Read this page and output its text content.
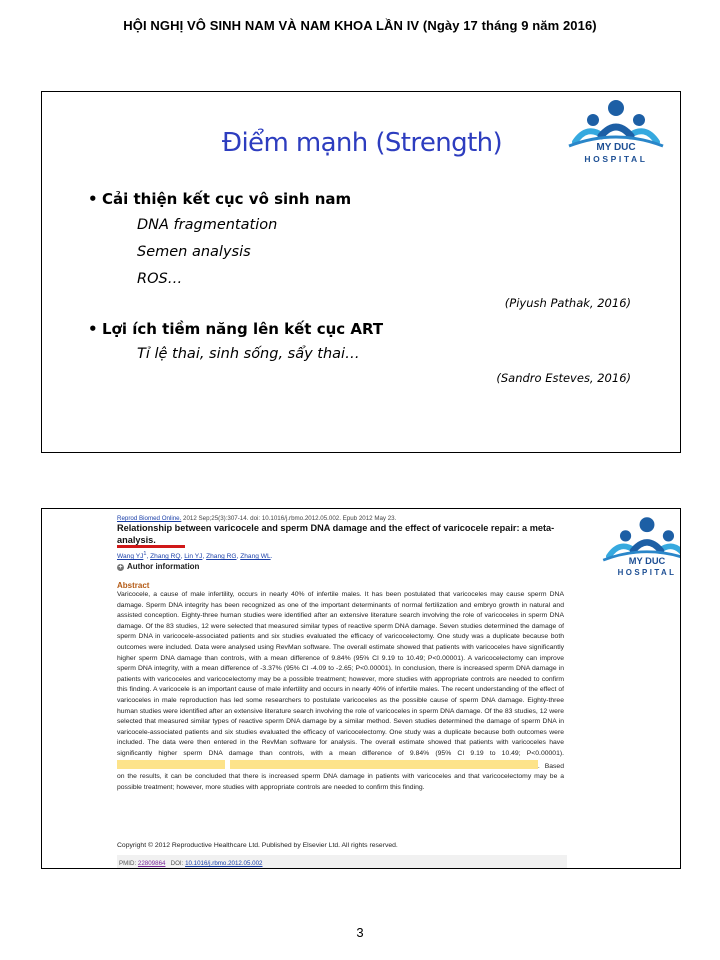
HỘI NGHỊ VÔ SINH NAM VÀ NAM KHOA LẦN IV (Ngày 17 tháng 9 năm 2016)
MY DUC
HOSPITAL
Điểm mạnh (Strength)
• Cải thiện kết cục vô sinh nam
DNA fragmentation
Semen analysis
ROS…
(Piyush Pathak, 2016)
• Lợi ích tiềm năng lên kết cục ART
Tỉ lệ thai, sinh sống, sẩy thai…
(Sandro Esteves, 2016)
MY DUC
HOSPITAL
Reprod Biomed Online. 2012 Sep;25(3):307-14. doi: 10.1016/j.rbmo.2012.05.002. Epub 2012 May 23.
Relationship between varicocele and sperm DNA damage and the effect of varicocele repair: a meta-analysis.
Wang $YJ^1$, Zhang RQ, Lin YJ, Zhang RG, Zhang WL.
+ Author information
Abstract
Varicocele, a cause of male infertility, occurs in nearly 40% of infertile males. It has been postulated that varicoceles may cause sperm DNA damage. Sperm DNA integrity has been recognized as one of the important determinants of normal fertilization and embryo growth in natural and assisted conception. Eighty-three human studies were identified after an extensive literature search involving the role of varicoceles in sperm DNA damage. Of the 83 studies, 12 were selected that measured similar types of reactive sperm DNA damage. Seven studies determined the damage of sperm DNA in varicocele-associated patients and six studies evaluated the efficacy of varicocelectomy. One study was a duplicate because both outcomes were included. Data were analysed using RevMan software. The overall estimate showed that patients with varicoceles have significantly higher sperm DNA damage than controls, with a mean difference of 9.84% (95% CI 9.19 to 10.49; P<0.00001). A varicocelectomy can improve sperm DNA integrity, with a mean difference of -3.37% (95% CI -4.09 to -2.65; P<0.00001). In conclusion, there is increased sperm DNA damage in patients with varicoceles and varicocelectomy may be a possible treatment; however, more studies with appropriate controls are needed to confirm this finding. A varicocele is an important cause of male infertility and occurs in nearly 40% of infertile males. The recent understanding of the effect of varicoceles in male reproduction has led some researchers to postulate varicoceles as the possible cause of sperm DNA damage. Eighty-three human studies were identified after an extensive literature search involving the role of varicoceles in sperm DNA damage. Of the 83 studies, 12 were selected that measured similar types of reactive sperm DNA damage by a similar method. Seven studies determined the damage of sperm DNA in varicocele-associated patients and six studies evaluated the efficacy of varicocelectomy. One study was a duplicate because both outcomes were included. The data were then entered in the RevMan software for analysis. The overall estimate showed that patients with varicoceles have significantly higher sperm DNA damage than controls, with a mean difference of 9.84% (95% CI 9.19 to 10.49; P<0.00001).  . Based on the results, it can be concluded that there is increased sperm DNA damage in patients with varicoceles and that varicocelectomy may be a possible treatment; however, more studies with appropriate controls are needed to confirm this finding.
Copyright © 2012 Reproductive Healthcare Ltd. Published by Elsevier Ltd. All rights reserved.
PMID: 22809864 DOI: 10.1016/j.rbmo.2012.05.002
3
